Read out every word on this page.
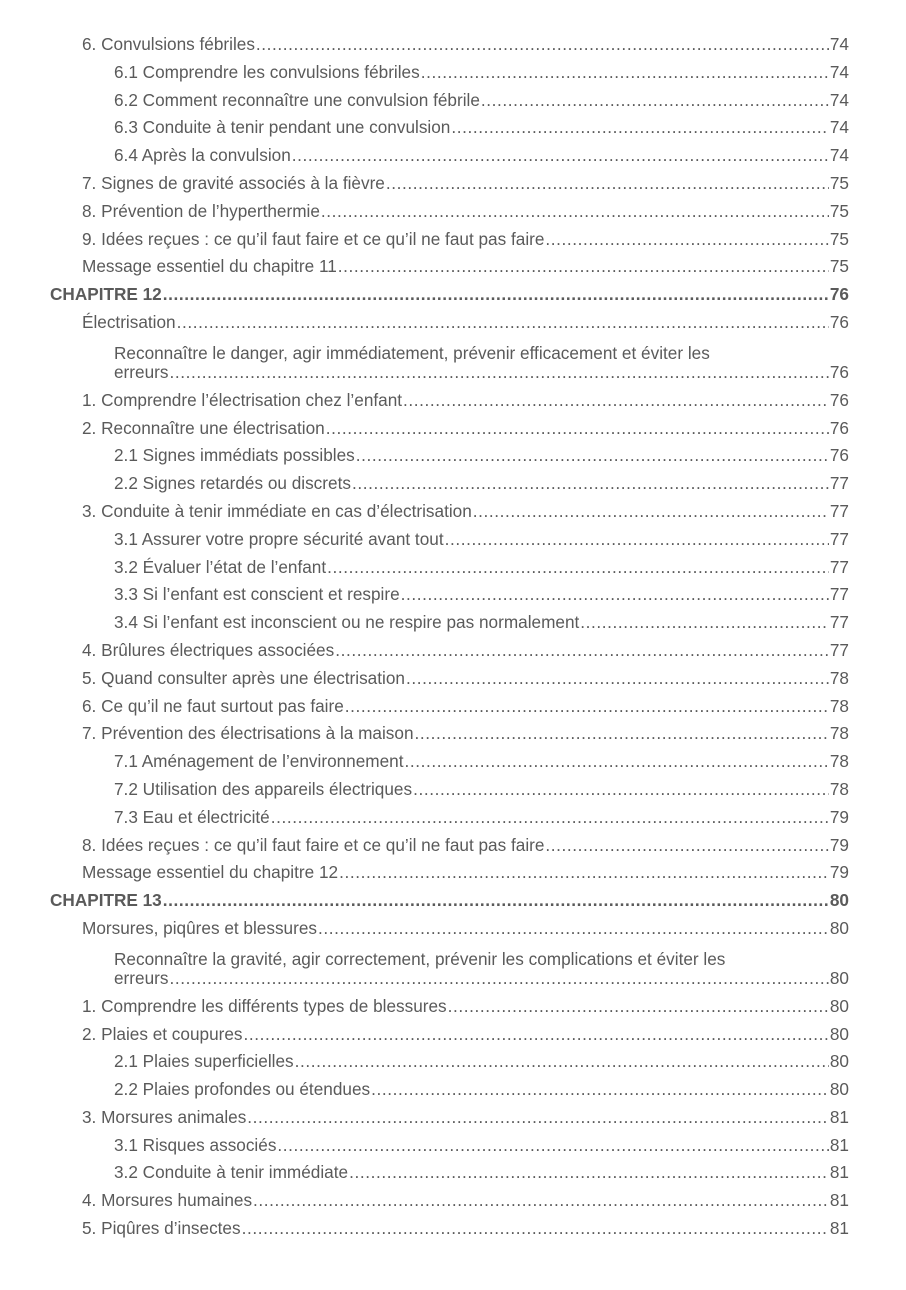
6. Convulsions fébriles .....	74
6.1 Comprendre les convulsions fébriles .....	74
6.2 Comment reconnaître une convulsion fébrile .....	74
6.3 Conduite à tenir pendant une convulsion .....	74
6.4 Après la convulsion .....	74
7. Signes de gravité associés à la fièvre .....	75
8. Prévention de l’hyperthermie .....	75
9. Idées reçues : ce qu’il faut faire et ce qu’il ne faut pas faire .....	75
Message essentiel du chapitre 11 .....	75
CHAPITRE 12 .....	76
Électrisation .....	76
Reconnaître le danger, agir immédiatement, prévenir efficacement et éviter les
erreurs .....	76
1. Comprendre l’électrisation chez l’enfant .....	76
2. Reconnaître une électrisation .....	76
2.1 Signes immédiats possibles .....	76
2.2 Signes retardés ou discrets .....	77
3. Conduite à tenir immédiate en cas d’électrisation .....	77
3.1 Assurer votre propre sécurité avant tout .....	77
3.2 Évaluer l’état de l’enfant .....	77
3.3 Si l’enfant est conscient et respire .....	77
3.4 Si l’enfant est inconscient ou ne respire pas normalement .....	77
4. Brûlures électriques associées .....	77
5. Quand consulter après une électrisation .....	78
6. Ce qu’il ne faut surtout pas faire .....	78
7. Prévention des électrisations à la maison .....	78
7.1 Aménagement de l’environnement .....	78
7.2 Utilisation des appareils électriques .....	78
7.3 Eau et électricité .....	79
8. Idées reçues : ce qu’il faut faire et ce qu’il ne faut pas faire .....	79
Message essentiel du chapitre 12 .....	79
CHAPITRE 13 .....	80
Morsures, piqûres et blessures .....	80
Reconnaître la gravité, agir correctement, prévenir les complications et éviter les
erreurs .....	80
1. Comprendre les différents types de blessures .....	80
2. Plaies et coupures .....	80
2.1 Plaies superficielles .....	80
2.2 Plaies profondes ou étendues .....	80
3. Morsures animales .....	81
3.1 Risques associés .....	81
3.2 Conduite à tenir immédiate .....	81
4. Morsures humaines .....	81
5. Piqûres d’insectes .....	81
